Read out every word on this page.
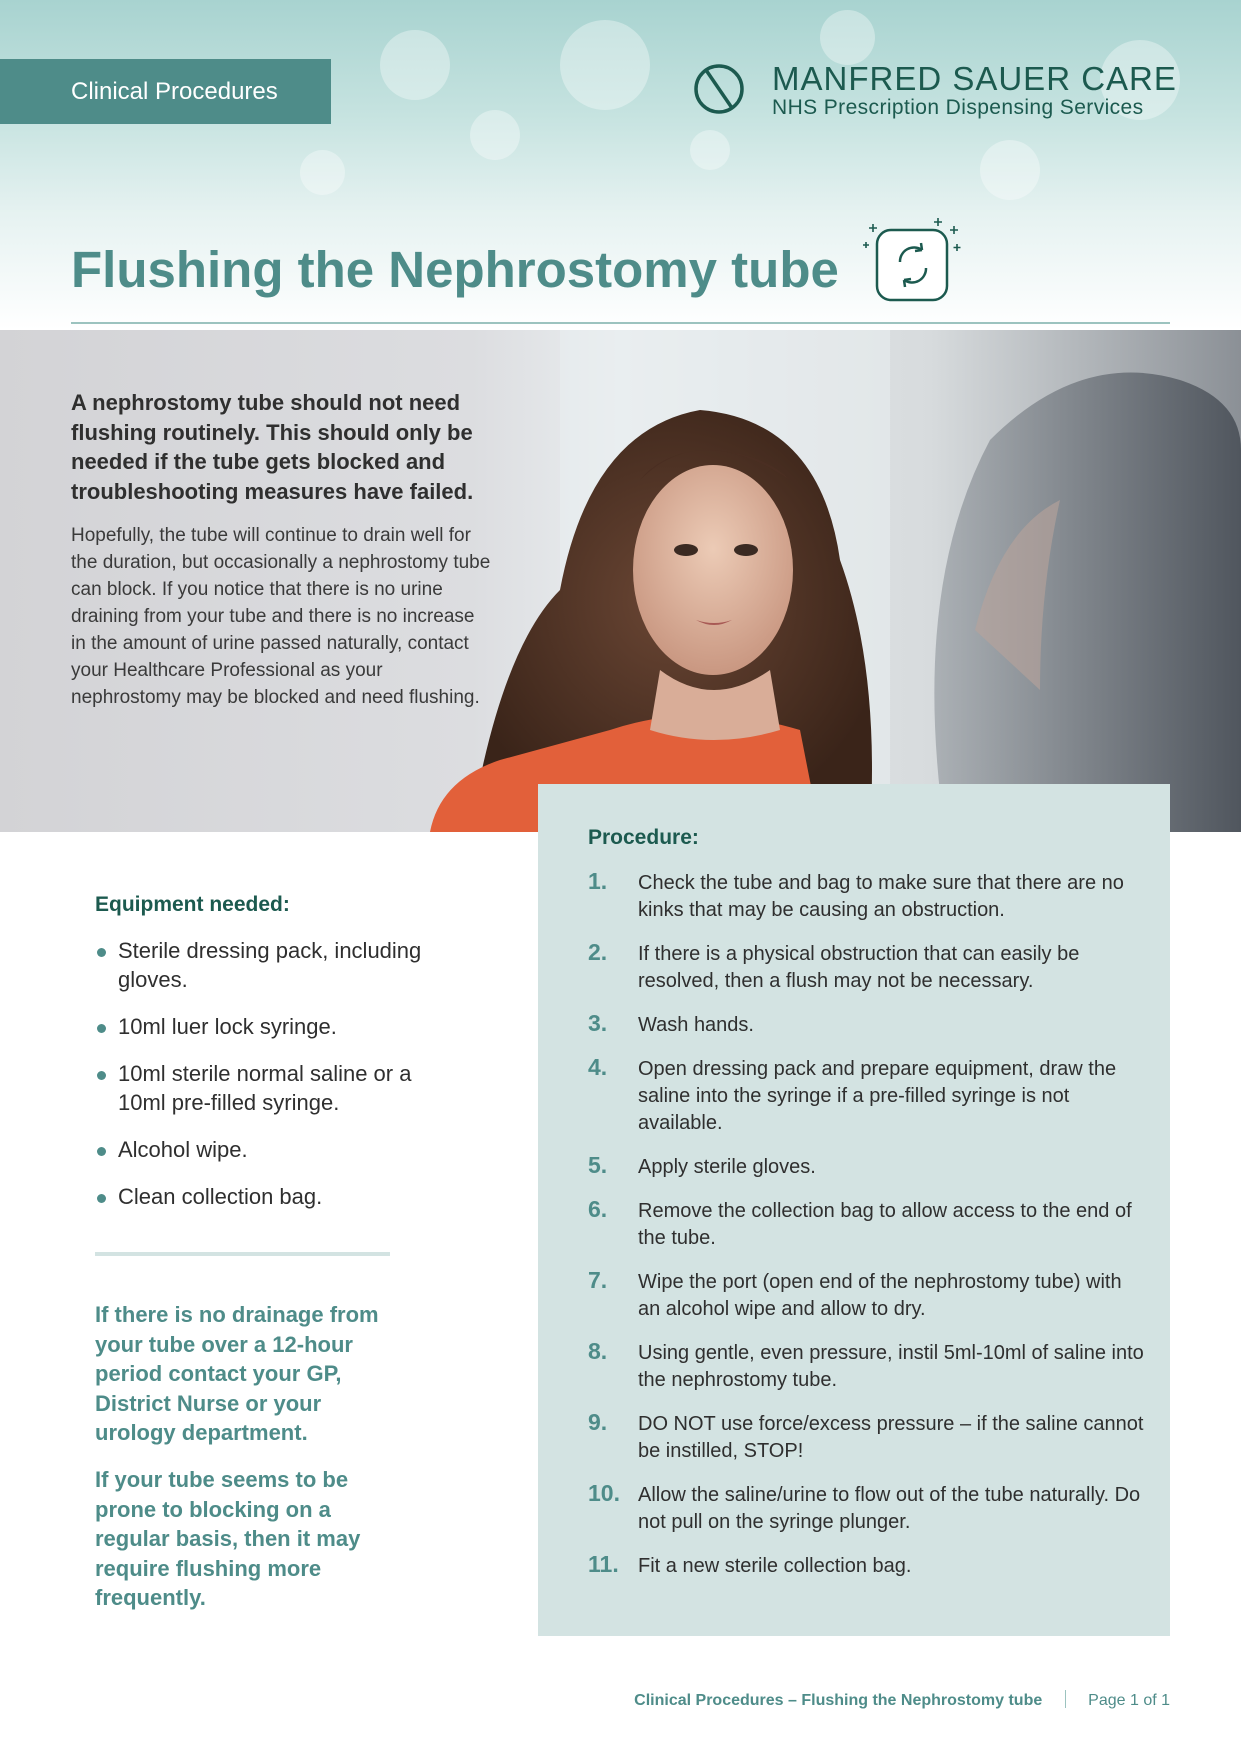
Clinical Procedures	MANFRED SAUER CARE
NHS Prescription Dispensing Services
Flushing the Nephrostomy tube

A nephrostomy tube should not need flushing routinely. This should only be needed if the tube gets blocked and troubleshooting measures have failed.

Hopefully, the tube will continue to drain well for the duration, but occasionally a nephrostomy tube can block. If you notice that there is no urine draining from your tube and there is no increase in the amount of urine passed naturally, contact your Healthcare Professional as your nephrostomy may be blocked and need flushing.

Equipment needed:
Sterile dressing pack, including gloves.
10ml luer lock syringe.
10ml sterile normal saline or a 10ml pre-filled syringe.
Alcohol wipe.
Clean collection bag.

If there is no drainage from your tube over a 12-hour period contact your GP, District Nurse or your urology department.

If your tube seems to be prone to blocking on a regular basis, then it may require flushing more frequently.

Procedure:
1. Check the tube and bag to make sure that there are no kinks that may be causing an obstruction.
2. If there is a physical obstruction that can easily be resolved, then a flush may not be necessary.
3. Wash hands.
4. Open dressing pack and prepare equipment, draw the saline into the syringe if a pre-filled syringe is not available.
5. Apply sterile gloves.
6. Remove the collection bag to allow access to the end of the tube.
7. Wipe the port (open end of the nephrostomy tube) with an alcohol wipe and allow to dry.
8. Using gentle, even pressure, instil 5ml-10ml of saline into the nephrostomy tube.
9. DO NOT use force/excess pressure – if the saline cannot be instilled, STOP!
10. Allow the saline/urine to flow out of the tube naturally. Do not pull on the syringe plunger.
11. Fit a new sterile collection bag.
Clinical Procedures – Flushing the Nephrostomy tube	Page 1 of 1
